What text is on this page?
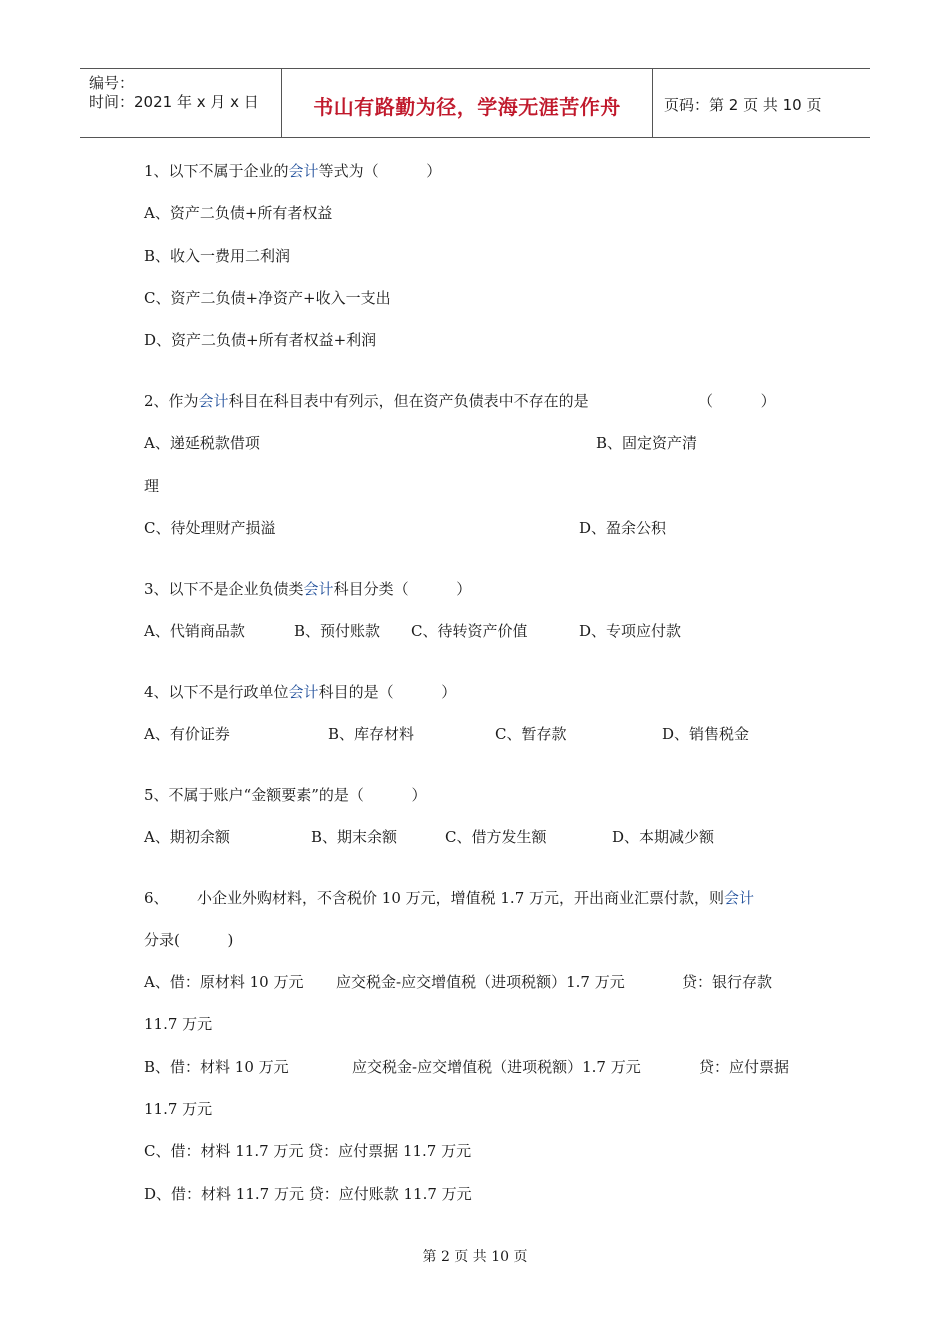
编号：
时间：2021 年 x 月 x 日	书山有路勤为径，学海无涯苦作舟	页码：第 2 页 共 10 页
1、以下不属于企业的会计等式为（          ）
A、资产二负债+所有者权益
B、收入一费用二利润
C、资产二负债+净资产+收入一支出
D、资产二负债+所有者权益+利润
2、作为会计科目在科目表中有列示，但在资产负债表中不存在的是	（          ）
A、递延税款借项	B、固定资产清
理
C、待处理财产损溢	D、盈余公积
3、以下不是企业负债类会计科目分类（          ）
A、代销商品款	B、预付账款 C、待转资产价值	D、专项应付款
4、以下不是行政单位会计科目的是（          ）
A、有价证券	B、库存材料	C、暂存款	D、销售税金
5、不属于账户“金额要素”的是（          ）
A、期初余额	B、期末余额	C、借方发生额	D、本期减少额
6、 小企业外购材料，不含税价 10 万元，增值税 1.7 万元，开出商业汇票付款，则会计
分录(          )
A、借：原材料 10 万元 应交税金-应交增值税（进项税额）1.7 万元	贷：银行存款
11.7 万元
B、借：材料 10 万元	应交税金-应交增值税（进项税额）1.7 万元	贷：应付票据
11.7 万元
C、借：材料 11.7 万元 贷：应付票据 11.7 万元
D、借：材料 11.7 万元 贷：应付账款 11.7 万元
第 2 页 共 10 页
